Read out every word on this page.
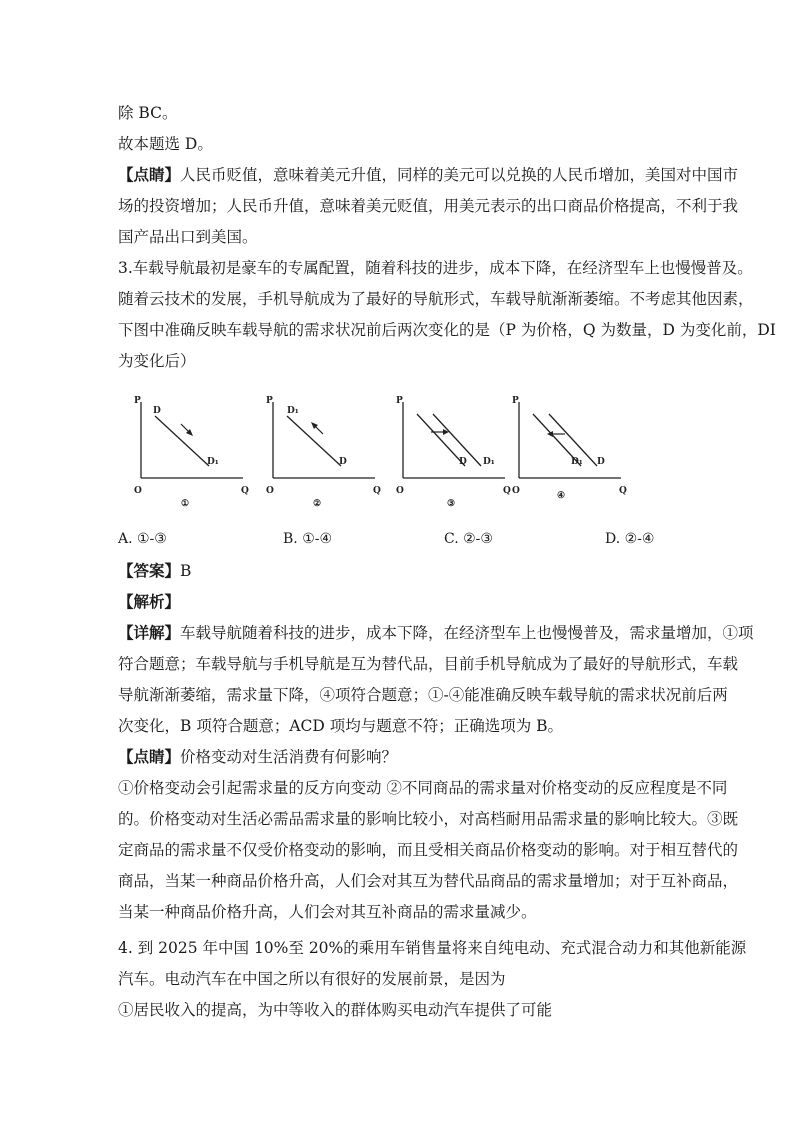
除 BC。
故本题选 D。
【点睛】人民币贬值，意味着美元升值，同样的美元可以兑换的人民币增加，美国对中国市
场的投资增加；人民币升值，意味着美元贬值，用美元表示的出口商品价格提高，不利于我
国产品出口到美国。
3.车载导航最初是豪车的专属配置，随着科技的进步，成本下降，在经济型车上也慢慢普及。
随着云技术的发展，手机导航成为了最好的导航形式，车载导航渐渐萎缩。不考虑其他因素，
下图中准确反映车载导航的需求状况前后两次变化的是（P 为价格，Q 为数量，D 为变化前，DI
为变化后）
P
O	Q
D
D₁
①
P
O	Q
D₁
D
②
P
O	Q
D D₁
③
P
O	Q
D₁ D
④
A. ①-③	B. ①-④	C. ②-③	D. ②-④
【答案】B
【解析】
【详解】车载导航随着科技的进步，成本下降，在经济型车上也慢慢普及，需求量增加，①项
符合题意；车载导航与手机导航是互为替代品，目前手机导航成为了最好的导航形式，车载
导航渐渐萎缩，需求量下降，④项符合题意；①-④能准确反映车载导航的需求状况前后两
次变化，B 项符合题意；ACD 项均与题意不符；正确选项为 B。
【点睛】价格变动对生活消费有何影响？
①价格变动会引起需求量的反方向变动 ②不同商品的需求量对价格变动的反应程度是不同
的。价格变动对生活必需品需求量的影响比较小，对高档耐用品需求量的影响比较大。③既
定商品的需求量不仅受价格变动的影响，而且受相关商品价格变动的影响。对于相互替代的
商品，当某一种商品价格升高，人们会对其互为替代品商品的需求量增加；对于互补商品，
当某一种商品价格升高，人们会对其互补商品的需求量减少。
4. 到 2025 年中国 10%至 20%的乘用车销售量将来自纯电动、充式混合动力和其他新能源
汽车。电动汽车在中国之所以有很好的发展前景，是因为
①居民收入的提高，为中等收入的群体购买电动汽车提供了可能
